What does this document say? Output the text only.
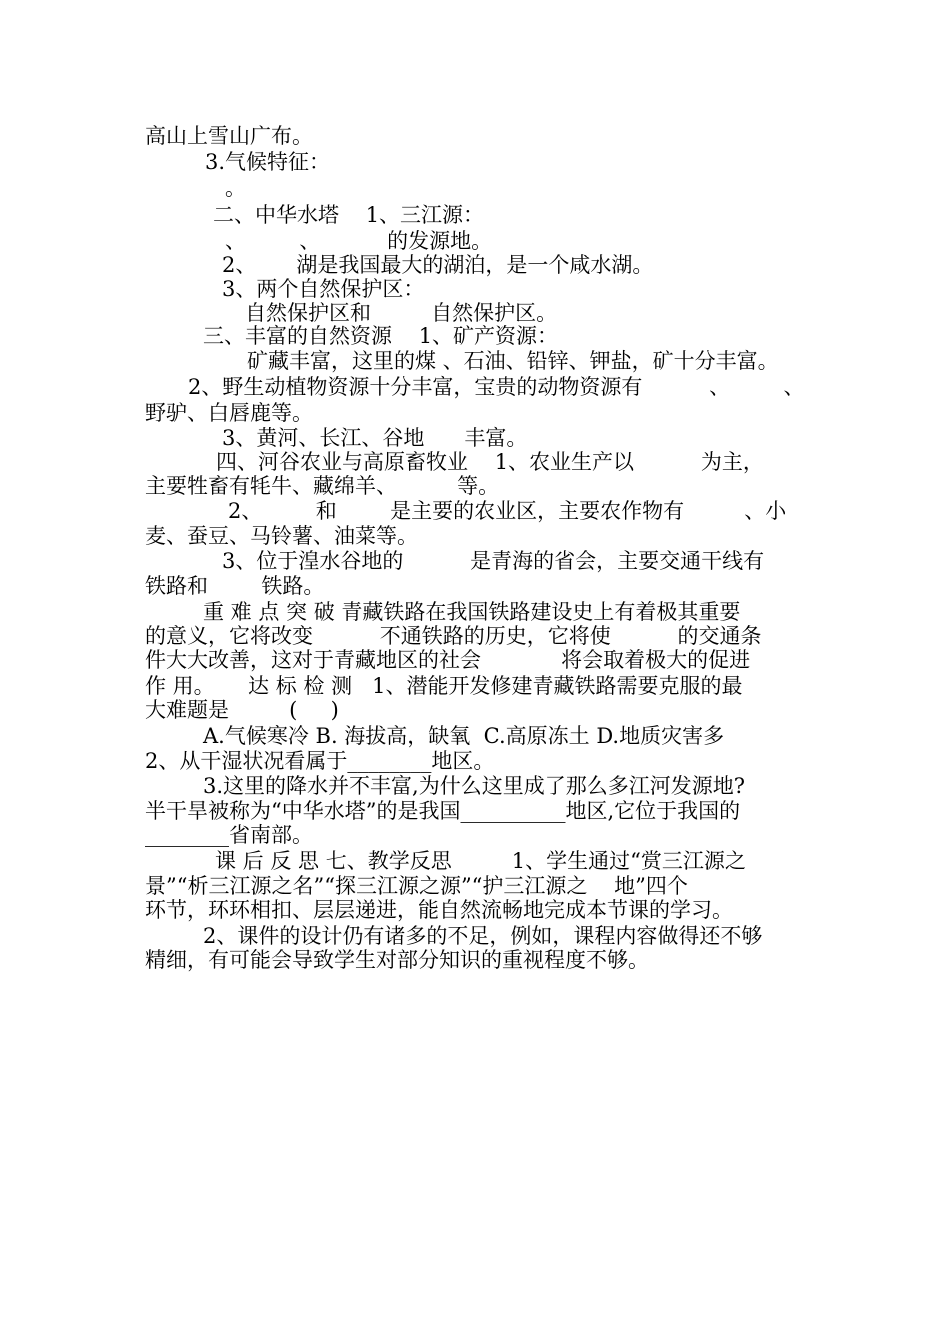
高山上雪山广布。
3.气候特征：
。
二、中华水塔    1、三江源：
、        、          的发源地。
2、      湖是我国最大的湖泊，是一个咸水湖。
3、两个自然保护区：
自然保护区和         自然保护区。
三、丰富的自然资源    1、矿产资源：
矿藏丰富，这里的煤 、石油、铅锌、钾盐，矿十分丰富。
2、野生动植物资源十分丰富，宝贵的动物资源有          、        、
野驴、白唇鹿等。
3、黄河、长江、谷地      丰富。
四、河谷农业与高原畜牧业    1、农业生产以          为主，
主要牲畜有牦牛、藏绵羊、         等。
2、        和        是主要的农业区，主要农作物有         、小
麦、蚕豆、马铃薯、油菜等。
3、位于湟水谷地的          是青海的省会，主要交通干线有
铁路和        铁路。
重 难 点 突 破 青藏铁路在我国铁路建设史上有着极其重要
的意义，它将改变          不通铁路的历史，它将使          的交通条
件大大改善，这对于青藏地区的社会            将会取着极大的促进
作 用。     达 标 检 测   1、潜能开发修建青藏铁路需要克服的最
大难题是         (     )
A.气候寒冷 B. 海拔高，缺氧  C.高原冻土 D.地质灾害多
2、从干湿状况看属于________地区。
3.这里的降水并不丰富,为什么这里成了那么多江河发源地?
半干旱被称为“中华水塔”的是我国__________地区,它位于我国的
________省南部。
课 后 反 思 七、教学反思         1、学生通过“赏三江源之
景”“析三江源之名”“探三江源之源”“护三江源之    地”四个
环节，环环相扣、层层递进，能自然流畅地完成本节课的学习。
2、课件的设计仍有诸多的不足，例如，课程内容做得还不够
精细，有可能会导致学生对部分知识的重视程度不够。
